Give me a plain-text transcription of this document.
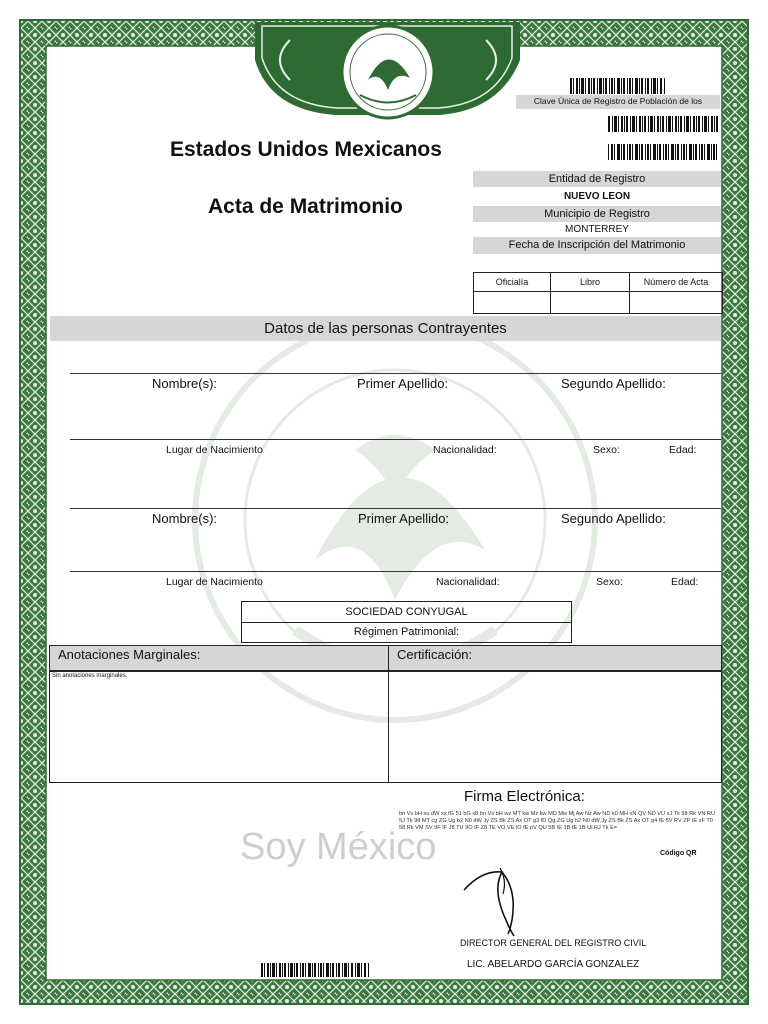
Clave Única de Registro de Población de los
Estados Unidos Mexicanos
Acta de Matrimonio
Entidad de Registro
NUEVO LEON
Municipio de Registro
MONTERREY
Fecha de Inscripción del Matrimonio
Oficialía	Libro	Número de Acta
Datos de las personas Contrayentes
Nombre(s):	Primer Apellido:	Segundo Apellido:
Lugar de Nacimiento	Nacionalidad:	Sexo:	Edad:
Nombre(s):	Primer Apellido:	Segundo Apellido:
Lugar de Nacimiento	Nacionalidad:	Sexo:	Edad:
SOCIEDAD CONYUGAL
Régimen Patrimonial:
Anotaciones Marginales:	Certificación:
Sin anotaciones marginales.
Firma Electrónica:
bn Vs bH xu dW xs fG 51 bG x8 bn Vs bH wz MT kw Mz kw MD Mw Mj Aw Nz Aw ND k0 MH xN QV ND VU xJ Tk 98 Rk VN RU 5J Tk 98 MT cg ZG Ug b2 N0 dW Jy ZS Bk ZS Ax OT g3 fD Qg ZG Ug b2 N0 dW Jy ZS Bk ZS Ax OT g4 fE 5V RV ZP IE xF T0 58 Rk VM SV 9F IF J8 TU 9O IF Z8 TE VO VE lO fE pV QU 5B IE 1B fE 1B Ul RJ Tk E=
Código QR
Soy México
DIRECTOR GENERAL DEL REGISTRO CIVIL
LIC. ABELARDO GARCÍA GONZALEZ
